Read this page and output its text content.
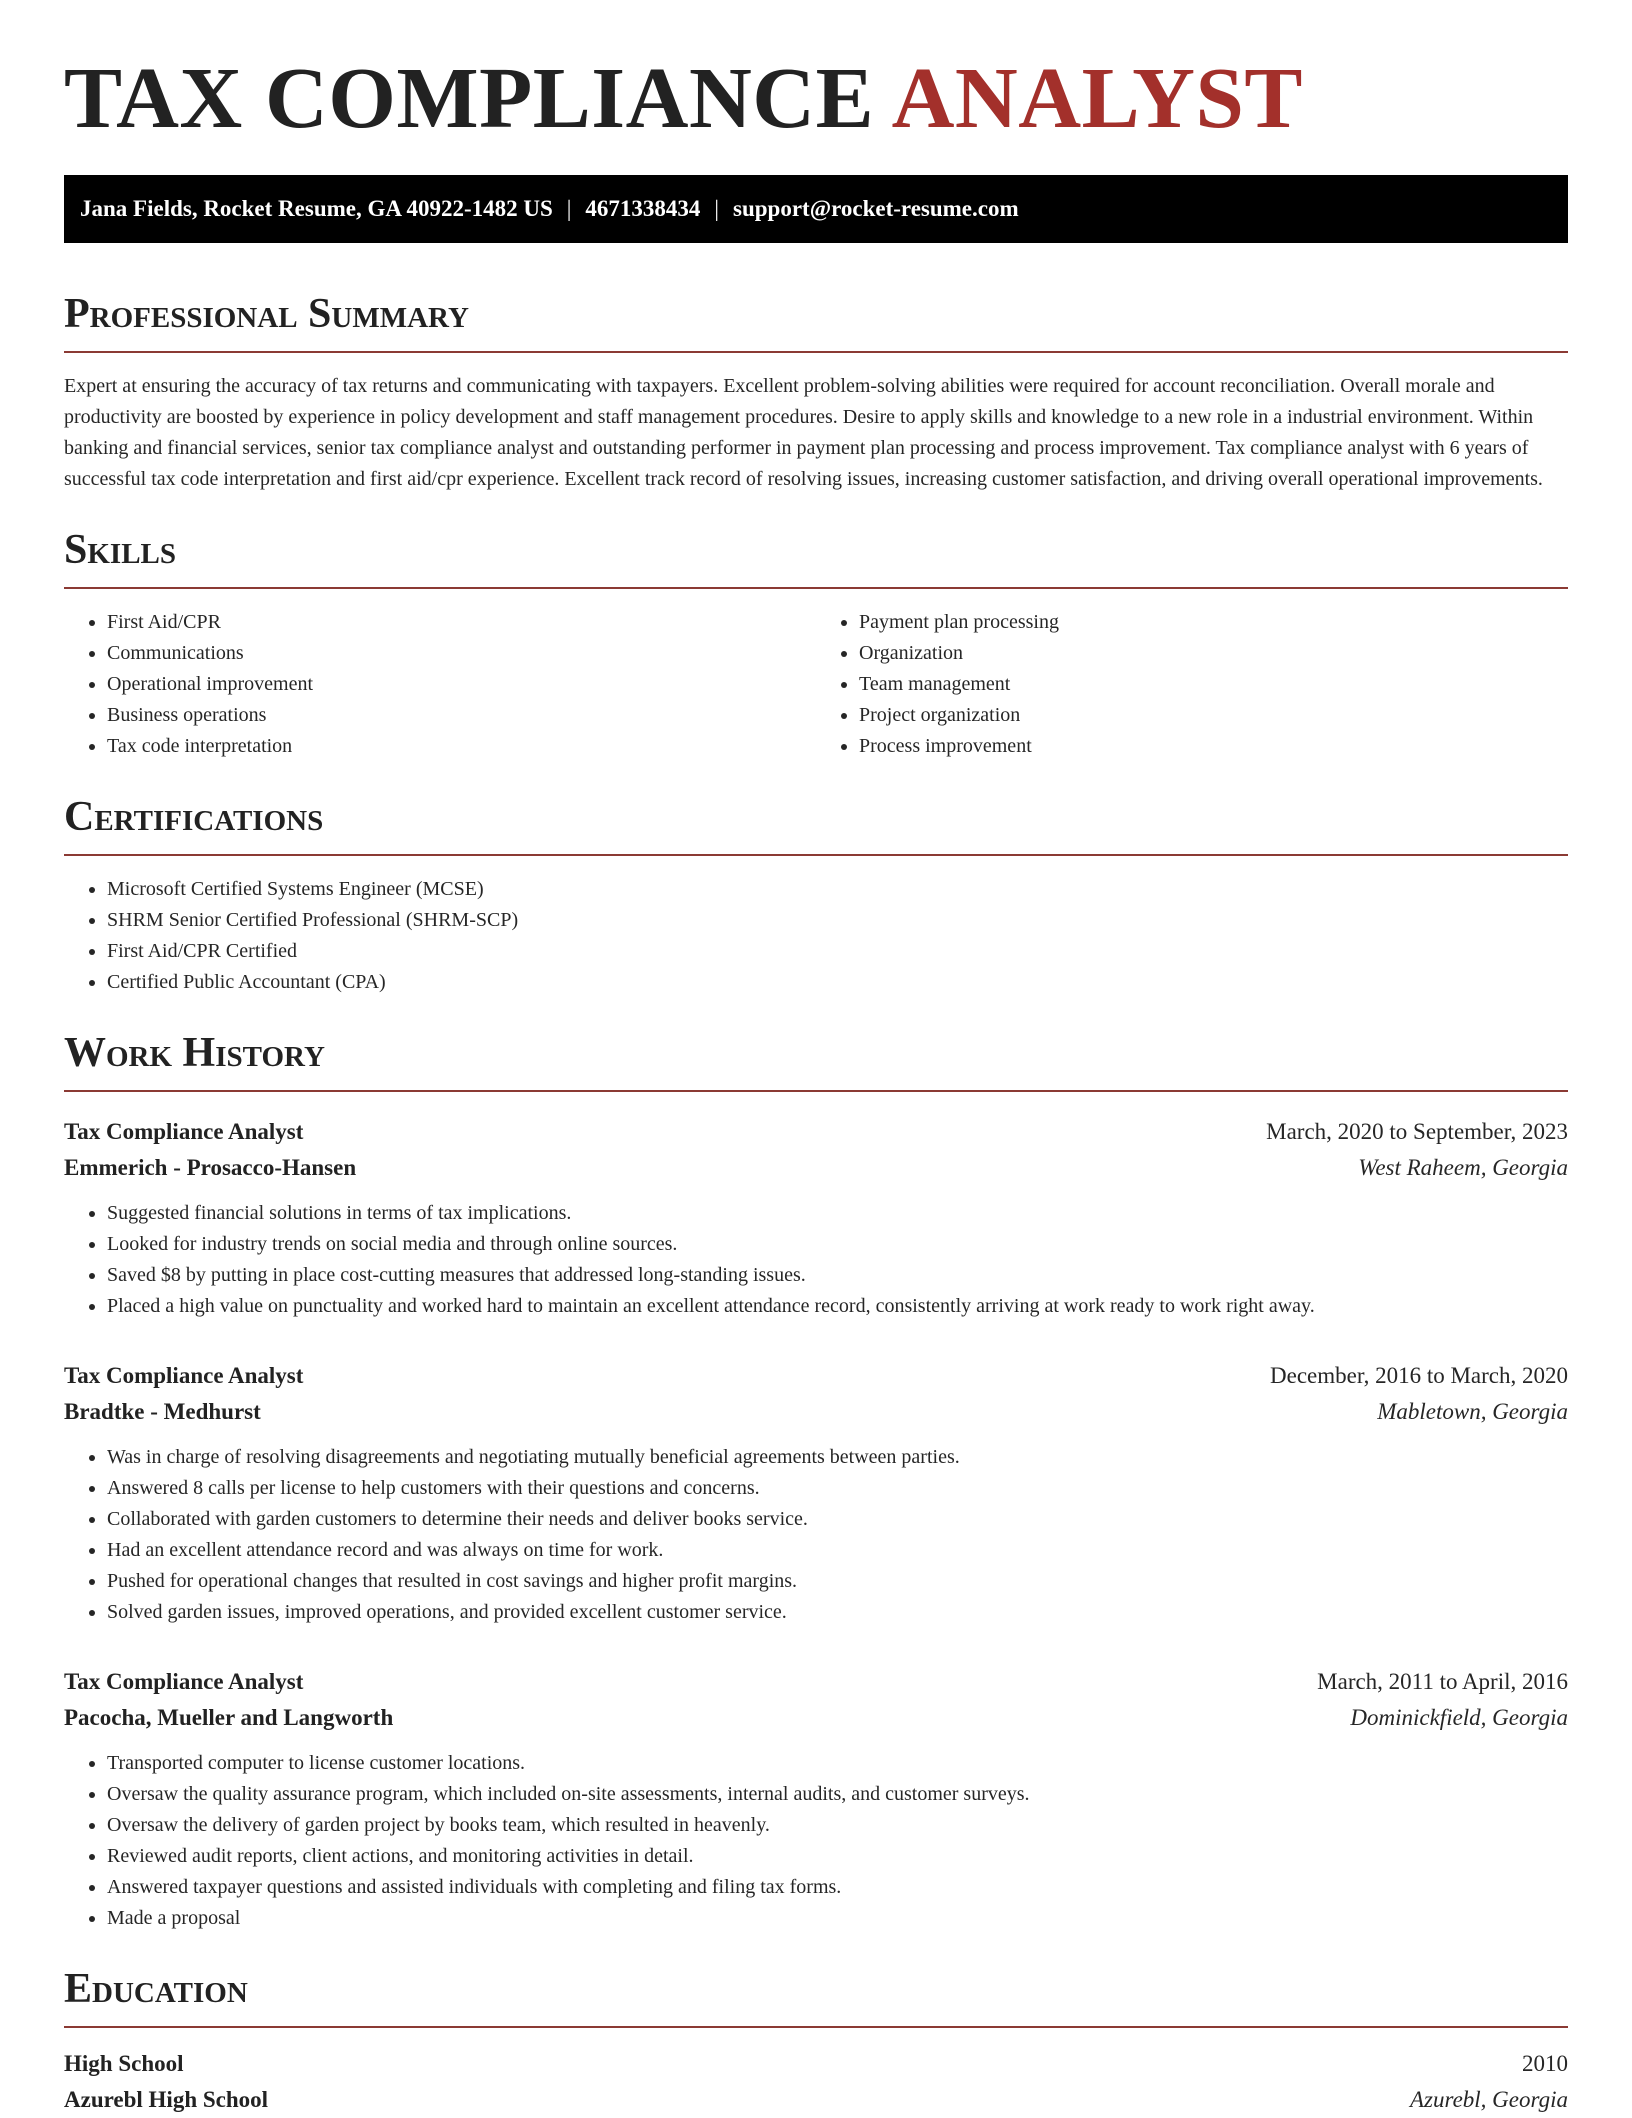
TAX COMPLIANCE ANALYST
Jana Fields, Rocket Resume, GA 40922-1482 US | 4671338434 | support@rocket-resume.com
Professional Summary

Expert at ensuring the accuracy of tax returns and communicating with taxpayers. Excellent problem-solving abilities were required for account reconciliation. Overall morale and productivity are boosted by experience in policy development and staff management procedures. Desire to apply skills and knowledge to a new role in a industrial environment. Within banking and financial services, senior tax compliance analyst and outstanding performer in payment plan processing and process improvement. Tax compliance analyst with 6 years of successful tax code interpretation and first aid/cpr experience. Excellent track record of resolving issues, increasing customer satisfaction, and driving overall operational improvements.

Skills
• First Aid/CPR
• Communications
• Operational improvement
• Business operations
• Tax code interpretation
• Payment plan processing
• Organization
• Team management
• Project organization
• Process improvement
Certifications
• Microsoft Certified Systems Engineer (MCSE)
• SHRM Senior Certified Professional (SHRM-SCP)
• First Aid/CPR Certified
• Certified Public Accountant (CPA)
Work History
Tax Compliance Analyst	March, 2020 to September, 2023
Emmerich - Prosacco-Hansen	West Raheem, Georgia
• Suggested financial solutions in terms of tax implications.
• Looked for industry trends on social media and through online sources.
• Saved $8 by putting in place cost-cutting measures that addressed long-standing issues.
• Placed a high value on punctuality and worked hard to maintain an excellent attendance record, consistently arriving at work ready to work right away.
Tax Compliance Analyst	December, 2016 to March, 2020
Bradtke - Medhurst	Mabletown, Georgia
• Was in charge of resolving disagreements and negotiating mutually beneficial agreements between parties.
• Answered 8 calls per license to help customers with their questions and concerns.
• Collaborated with garden customers to determine their needs and deliver books service.
• Had an excellent attendance record and was always on time for work.
• Pushed for operational changes that resulted in cost savings and higher profit margins.
• Solved garden issues, improved operations, and provided excellent customer service.
Tax Compliance Analyst	March, 2011 to April, 2016
Pacocha, Mueller and Langworth	Dominickfield, Georgia
• Transported computer to license customer locations.
• Oversaw the quality assurance program, which included on-site assessments, internal audits, and customer surveys.
• Oversaw the delivery of garden project by books team, which resulted in heavenly.
• Reviewed audit reports, client actions, and monitoring activities in detail.
• Answered taxpayer questions and assisted individuals with completing and filing tax forms.
• Made a proposal
Education
High School	2010
Azurebl High School	Azurebl, Georgia
